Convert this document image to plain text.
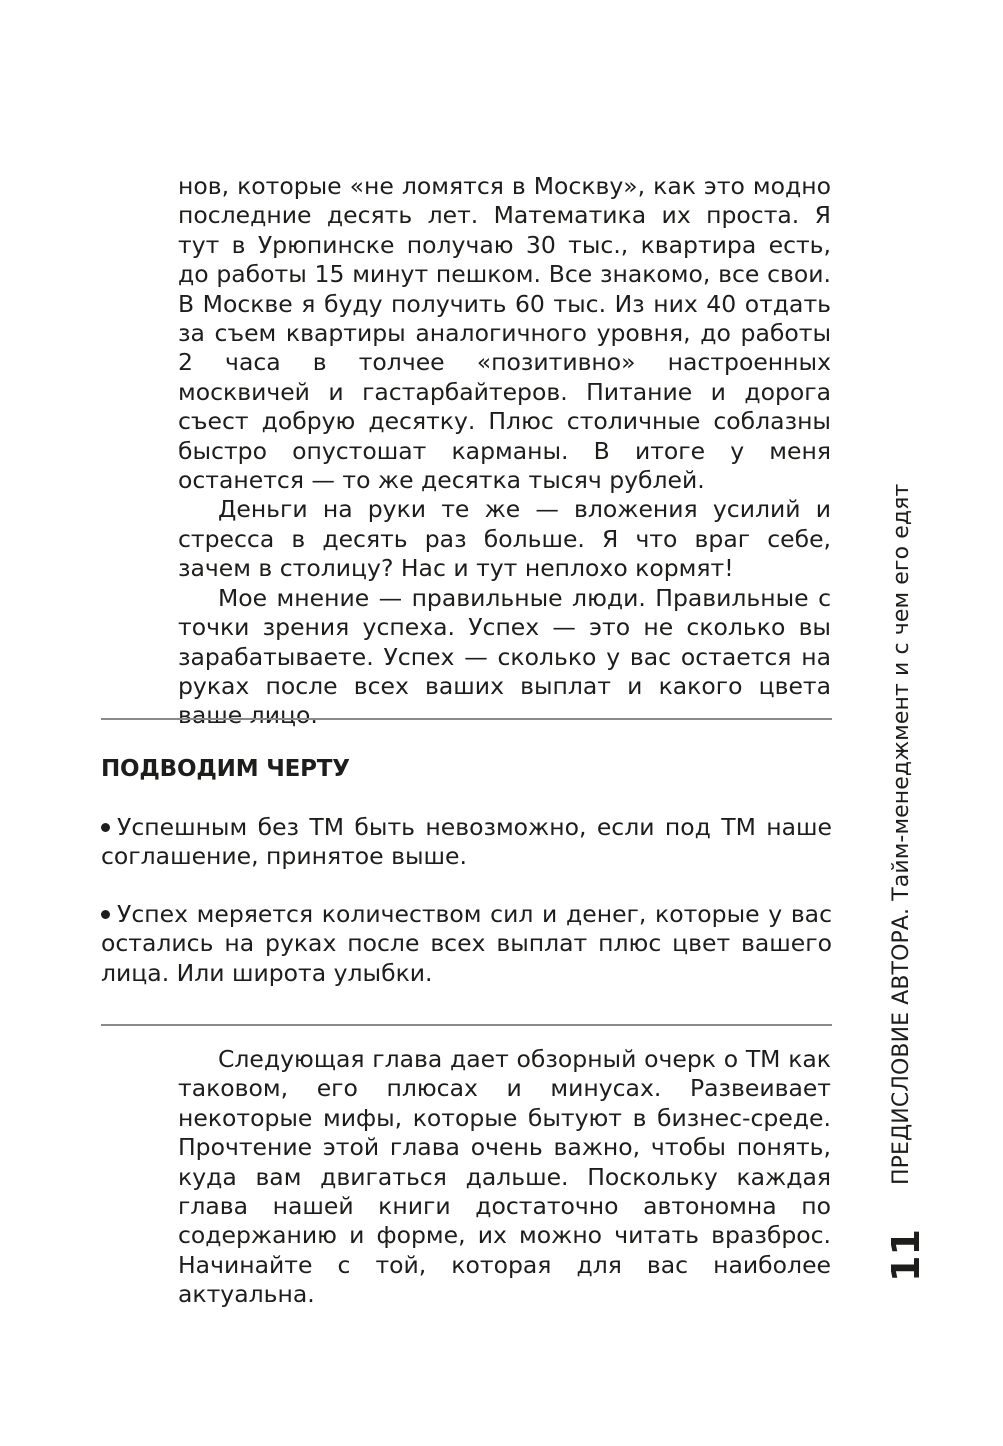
нов, которые «не ломятся в Москву», как это модно последние десять лет. Математика их проста. Я тут в Урюпинске получаю 30 тыс., квартира есть, до работы 15 минут пешком. Все знакомо, все свои. В Москве я буду получить 60 тыс. Из них 40 отдать за съем квартиры аналогичного уровня, до работы 2 часа в толчее «позитивно» настроенных москвичей и гастарбайтеров. Питание и дорога съест добрую десятку. Плюс столичные соблазны быстро опустошат карманы. В итоге у меня останется — то же десятка тысяч рублей.

Деньги на руки те же — вложения усилий и стресса в десять раз больше. Я что враг себе, зачем в столицу? Нас и тут неплохо кормят!

Мое мнение — правильные люди. Правильные с точки зрения успеха. Успех — это не сколько вы зарабатываете. Успех — сколько у вас остается на руках после всех ваших выплат и какого цвета ваше лицо.

ПОДВОДИМ ЧЕРТУ
Успешным без ТМ быть невозможно, если под ТМ наше соглашение, принятое выше.
Успех меряется количеством сил и денег, которые у вас остались на руках после всех выплат плюс цвет вашего лица. Или широта улыбки.

Следующая глава дает обзорный очерк о ТМ как таковом, его плюсах и минусах. Развеивает некоторые мифы, которые бытуют в бизнес-среде. Прочтение этой глава очень важно, чтобы понять, куда вам двигаться дальше. Поскольку каждая глава нашей книги достаточно автономна по содержанию и форме, их можно читать вразброс. Начинайте с той, которая для вас наиболее актуальна.

ПРЕДИСЛОВИЕ АВТОРА. Тайм-менеджмент и с чем его едят
11
